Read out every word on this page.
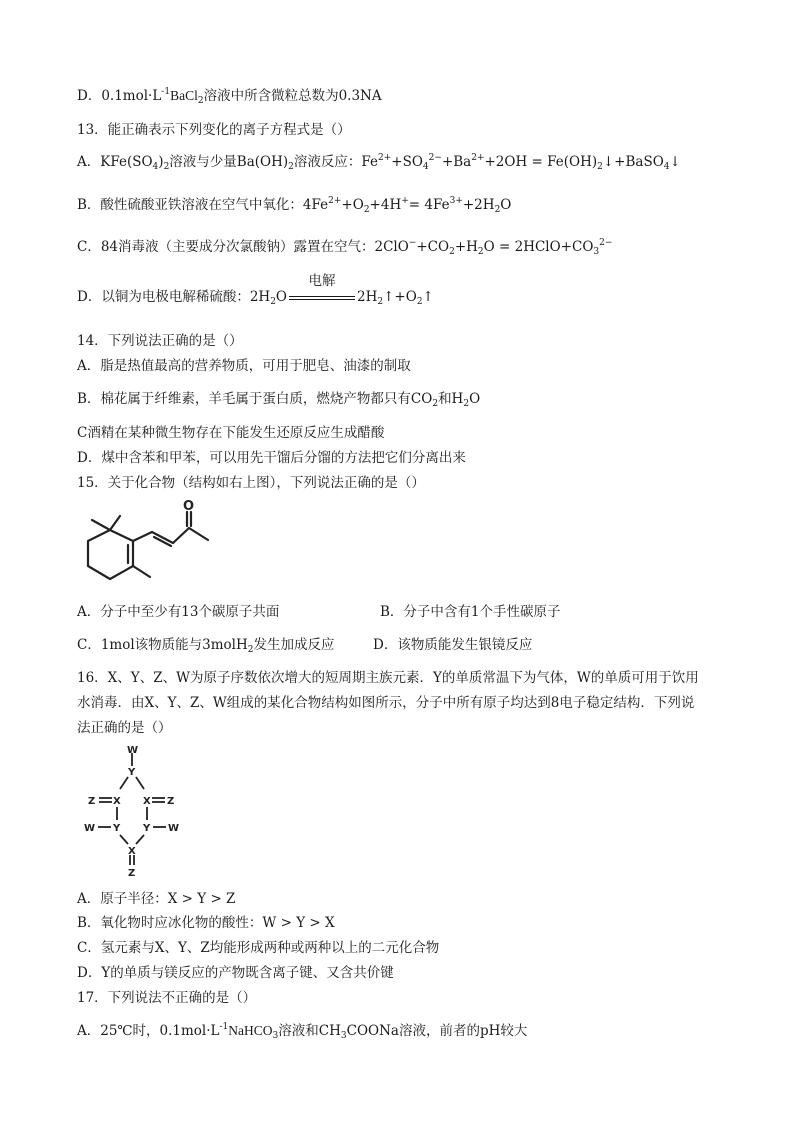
D．$0.1mol\cdot L^{-1}BaCl_2$溶液中所含微粒总数为0.3NA
13．能正确表示下列变化的离子方程式是（）
A．$KFe(SO_4)_2$溶液与少量$Ba(OH)_2$溶液反应：$Fe^{2+}+SO_4^{2-}+Ba^{2+}+2OH$ = $Fe(OH)_2↓+BaSO_4↓$
B．酸性硫酸亚铁溶液在空气中氧化：$4Fe^{2+}+O_2+4H^+= 4Fe^{3+}+2H_2O$
C．84消毒液（主要成分次氯酸钠）露置在空气：$2ClO^-+CO_2+H_2O$ = $2HClO+CO_3^{2-}$
D．以铜为电极电解稀硫酸：$2H_2O$
电解
$2H_2↑+O_2↑$
14．下列说法正确的是（）
A．脂是热值最高的营养物质，可用于肥皂、油漆的制取
B．棉花属于纤维素，羊毛属于蛋白质，燃烧产物都只有$CO_2$和$H_2O$
C酒精在某种微生物存在下能发生还原反应生成醋酸
D．煤中含苯和甲苯，可以用先干馏后分馏的方法把它们分离出来
15．关于化合物（结构如右上图），下列说法正确的是（）
O
A．分子中至少有13个碳原子共面	B．分子中含有1个手性碳原子
C．1mol该物质能与3molH$_2$发生加成反应	D．该物质能发生银镜反应
16．X、Y、Z、W为原子序数依次增大的短周期主族元素．Y的单质常温下为气体，W的单质可用于饮用
水消毒．由X、Y、Z、W组成的某化合物结构如图所示，分子中所有原子均达到8电子稳定结构．下列说
法正确的是（）
W
Y
Z X X Z
W Y Y W
X
Z
A．原子半径：X > Y > Z
B．氧化物时应冰化物的酸性：W > Y > X
C．氢元素与X、Y、Z均能形成两种或两种以上的二元化合物
D．Y的单质与镁反应的产物既含离子键、又含共价键
17．下列说法不正确的是（）
A．25℃时，$0.1mol\cdot L^{-1}NaHCO_3$溶液和$CH_3COONa$溶液，前者的pH较大
